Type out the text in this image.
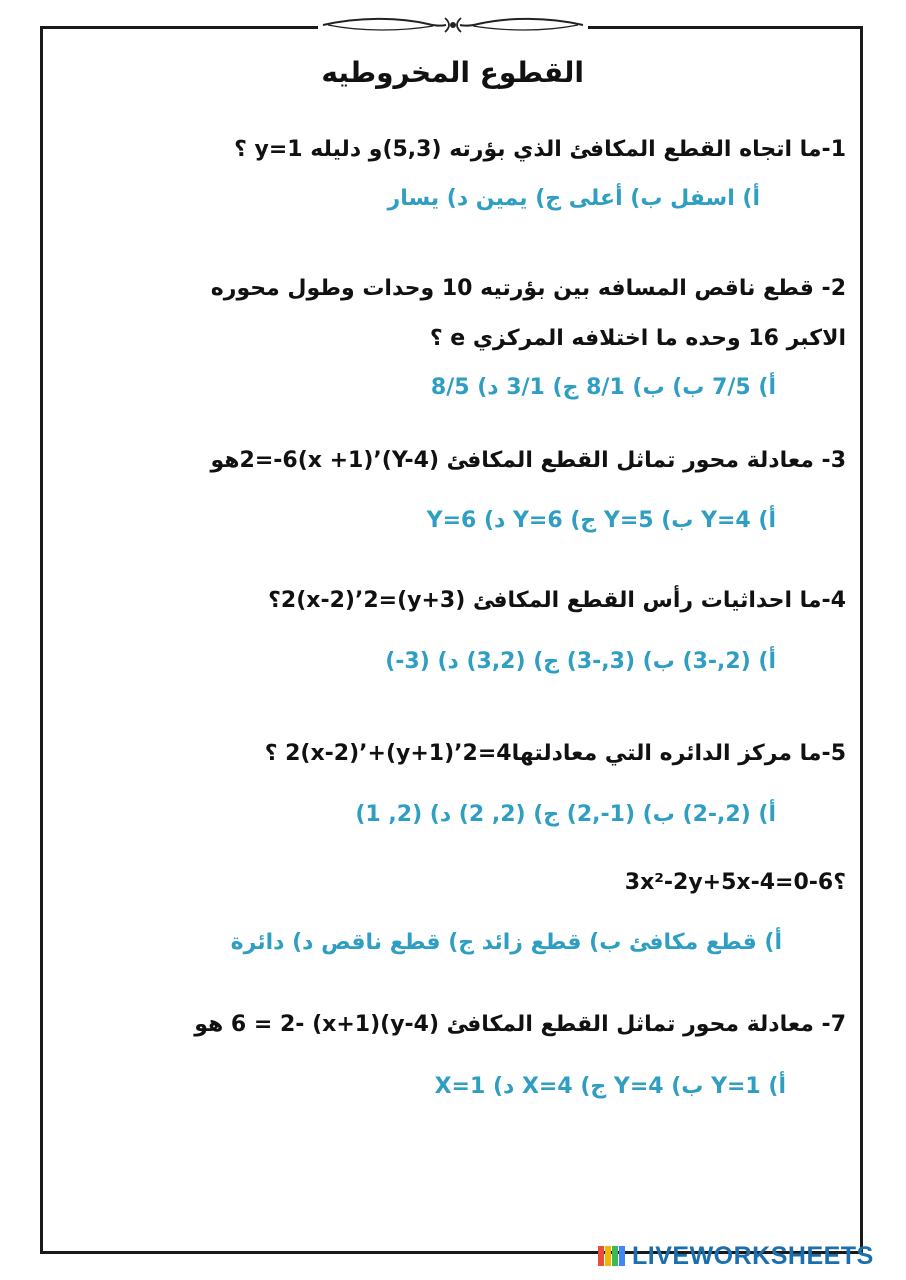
القطوع المخروطيه
1-ما اتجاه القطع المكافئ الذي بؤرته (5,3)و دليله y=1 ؟
أ) اسفل ب) أعلى ج) يمين د) يسار
2- قطع ناقص المسافه بين بؤرتيه 10 وحدات وطول محوره
الاكبر 16 وحده ما اختلافه المركزي e ؟
أ) 7/5 ب) ب) 8/1 ج) 3/1 د) 8/5
3- معادلة محور تماثل القطع المكافئ (Y-4)’2=-6(x +1)هو
أ) Y=4 ب) Y=5 ج) Y=6 د) Y=6
4-ما احداثيات رأس القطع المكافئ (y+3)=2(x-2)’2؟
أ) (2,-3) ب) (3,-3) ج) (3,2) د) (3-)
5-ما مركز الدائره التي معادلتها4=2’(y+1)+’(x-2)2 ؟
أ) (2,-2) ب) (1-,2) ج) (2, 2) د) (2, 1)
3x²-2y+5x-4=0-6؟
أ) قطع مكافئ ب) قطع زائد ج) قطع ناقص د) دائرة
7- معادلة محور تماثل القطع المكافئ (y-4)(x+1) -6 = 2 هو
أ) Y=1 ب) Y=4 ج) X=4 د) X=1
LIVEWORKSHEETS
